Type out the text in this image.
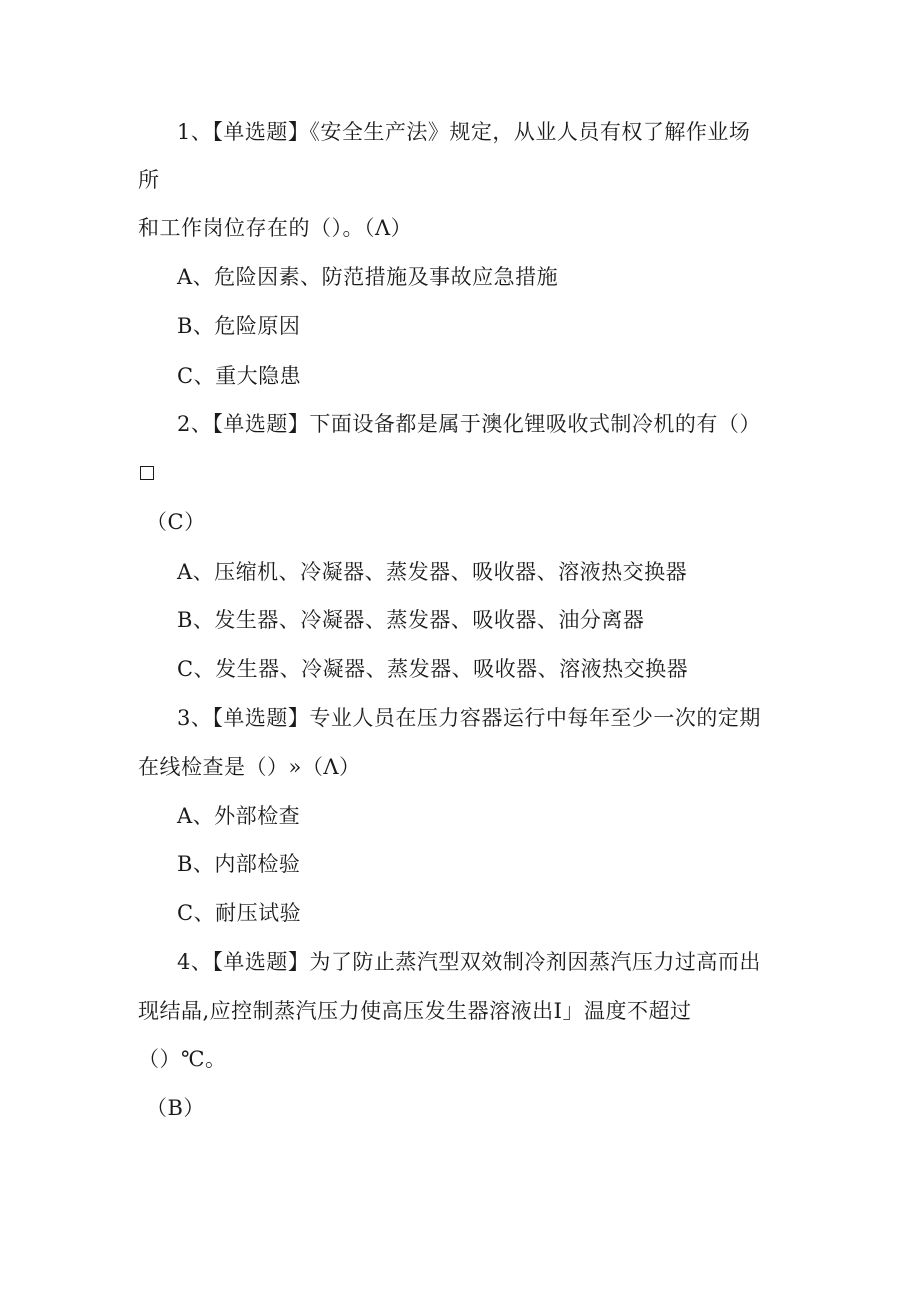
1、【单选题】《安全生产法》规定，从业人员有权了解作业场
所
和工作岗位存在的（）。（Λ）
A、危险因素、防范措施及事故应急措施
B、危险原因
C、重大隐患
2、【单选题】下面设备都是属于澳化锂吸收式制冷机的有（）
（C）
A、压缩机、冷凝器、蒸发器、吸收器、溶液热交换器
B、发生器、冷凝器、蒸发器、吸收器、油分离器
C、发生器、冷凝器、蒸发器、吸收器、溶液热交换器
3、【单选题】专业人员在压力容器运行中每年至少一次的定期
在线检查是（）»（Λ）
A、外部检查
B、内部检验
C、耐压试验
4、【单选题】为了防止蒸汽型双效制冷剂因蒸汽压力过高而出
现结晶,应控制蒸汽压力使高压发生器溶液出I」温度不超过
（）℃。
（B）
